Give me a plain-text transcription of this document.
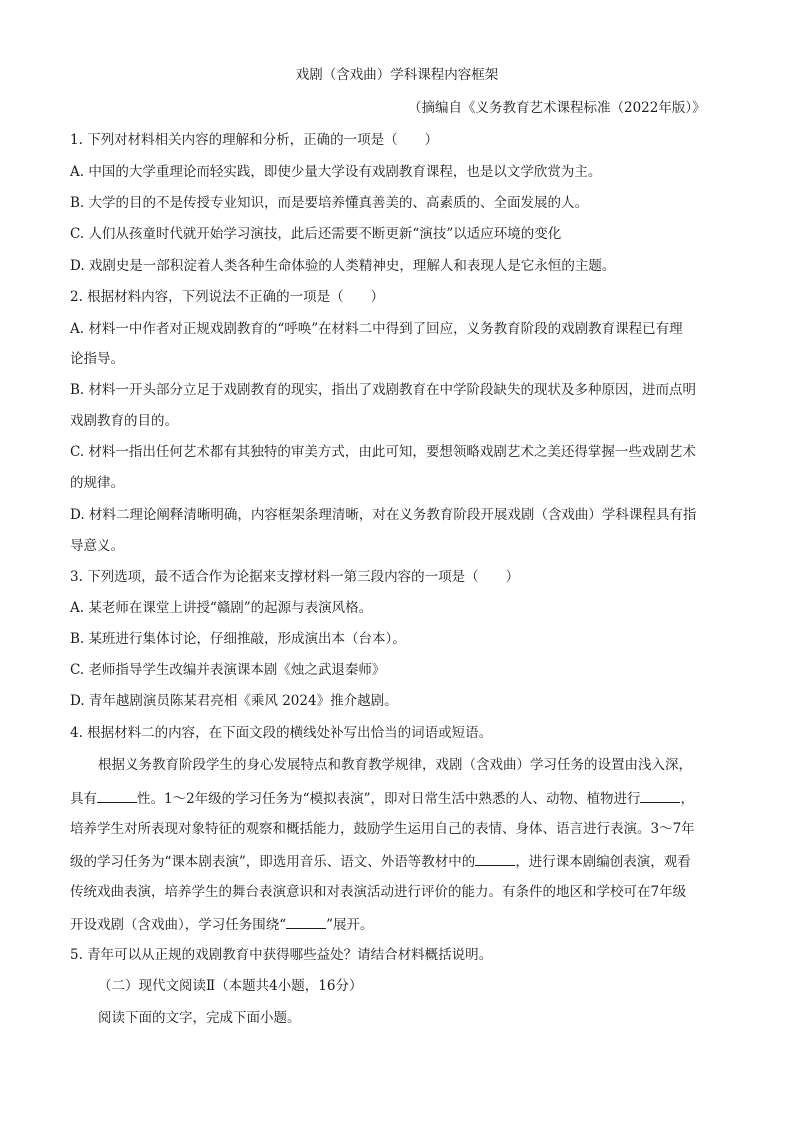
戏剧（含戏曲）学科课程内容框架
（摘编自《义务教育艺术课程标准（2022年版）》
1. 下列对材料相关内容的理解和分析，正确的一项是（　　）
A. 中国的大学重理论而轻实践，即使少量大学设有戏剧教育课程，也是以文学欣赏为主。
B. 大学的目的不是传授专业知识，而是要培养懂真善美的、高素质的、全面发展的人。
C. 人们从孩童时代就开始学习演技，此后还需要不断更新“演技”以适应环境的变化
D. 戏剧史是一部积淀着人类各种生命体验的人类精神史，理解人和表现人是它永恒的主题。
2. 根据材料内容，下列说法不正确的一项是（　　）
A. 材料一中作者对正规戏剧教育的“呼唤”在材料二中得到了回应，义务教育阶段的戏剧教育课程已有理
论指导。
B. 材料一开头部分立足于戏剧教育的现实，指出了戏剧教育在中学阶段缺失的现状及多种原因，进而点明
戏剧教育的目的。
C. 材料一指出任何艺术都有其独特的审美方式，由此可知，要想领略戏剧艺术之美还得掌握一些戏剧艺术
的规律。
D. 材料二理论阐释清晰明确，内容框架条理清晰，对在义务教育阶段开展戏剧（含戏曲）学科课程具有指
导意义。
3. 下列选项，最不适合作为论据来支撑材料一第三段内容的一项是（　　）
A. 某老师在课堂上讲授“赣剧”的起源与表演风格。
B. 某班进行集体讨论，仔细推敲，形成演出本（台本）。
C. 老师指导学生改编并表演课本剧《烛之武退秦师》
D. 青年越剧演员陈某君亮相《乘风 2024》推介越剧。
4. 根据材料二的内容，在下面文段的横线处补写出恰当的词语或短语。
根据义务教育阶段学生的身心发展特点和教育教学规律，戏剧（含戏曲）学习任务的设置由浅入深，
具有	性。1～2年级的学习任务为“模拟表演”，即对日常生活中熟悉的人、动物、植物进行	，
培养学生对所表现对象特征的观察和概括能力，鼓励学生运用自己的表情、身体、语言进行表演。3～7年
级的学习任务为“课本剧表演”，即选用音乐、语文、外语等教材中的	，进行课本剧编创表演，观看
传统戏曲表演，培养学生的舞台表演意识和对表演活动进行评价的能力。有条件的地区和学校可在7年级
开设戏剧（含戏曲），学习任务围绕“	”展开。
5. 青年可以从正规的戏剧教育中获得哪些益处？请结合材料概括说明。
（二）现代文阅读Ⅱ（本题共4小题，16分）
阅读下面的文字，完成下面小题。
